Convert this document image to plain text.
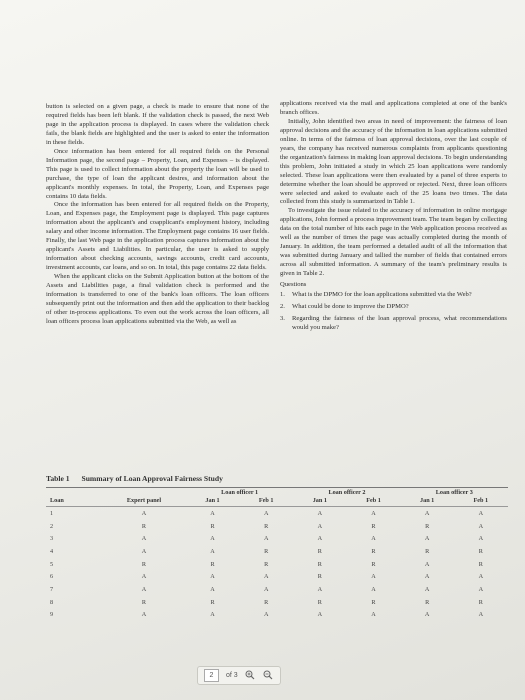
button is selected on a given page, a check is made to ensure that none of the required fields has been left blank. If the validation check is passed, the next Web page in the application process is displayed. In cases where the validation check fails, the blank fields are highlighted and the user is asked to enter the information in these fields.

Once information has been entered for all required fields on the Personal Information page, the second page – Property, Loan, and Expenses – is displayed. This page is used to collect information about the property the loan will be used to purchase, the type of loan the applicant desires, and information about the applicant's monthly expenses. In total, the Property, Loan, and Expenses page contains 10 data fields.

Once the information has been entered for all required fields on the Property, Loan, and Expenses page, the Employment page is displayed. This page captures information about the applicant's and coapplicant's employment history, including salary and other income information. The Employment page contains 16 user fields. Finally, the last Web page in the application process captures information about the applicant's Assets and Liabilities. In particular, the user is asked to supply information about checking accounts, savings accounts, credit card accounts, investment accounts, car loans, and so on. In total, this page contains 22 data fields.

When the applicant clicks on the Submit Application button at the bottom of the Assets and Liabilities page, a final validation check is performed and the information is transferred to one of the bank's loan officers. The loan officers subsequently print out the information and then add the application to their backlog of other in-process applications. To even out the work across the loan officers, all loan officers process loan applications submitted via the Web, as well as

applications received via the mail and applications completed at one of the bank's branch offices.

Initially, John identified two areas in need of improvement: the fairness of loan approval decisions and the accuracy of the information in loan applications submitted online. In terms of the fairness of loan approval decisions, over the last couple of years, the company has received numerous complaints from applicants questioning the organization's fairness in making loan approval decisions. To begin understanding this problem, John initiated a study in which 25 loan applications were randomly selected. These loan applications were then evaluated by a panel of three experts to determine whether the loan should be approved or rejected. Next, three loan officers were selected and asked to evaluate each of the 25 loans two times. The data collected from this study is summarized in Table 1.

To investigate the issue related to the accuracy of information in online mortgage applications, John formed a process improvement team. The team began by collecting data on the total number of hits each page in the Web application process received as well as the number of times the page was actually completed during the month of January. In addition, the team performed a detailed audit of all the information that was submitted during January and tallied the number of fields that contained errors across all submitted information. A summary of the team's preliminary results is given in Table 2.

Questions

1.	What is the DPMO for the loan applications submitted via the Web?

2.	What could be done to improve the DPMO?

3.	Regarding the fairness of the loan approval process, what recommendations would you make?

Table 1 Summary of Loan Approval Fairness Study
		Loan officer 1		Loan officer 2		Loan officer 3	
Loan	Expert panel	Jan 1	Feb 1	Jan 1	Feb 1	Jan 1	Feb 1

1	A	A	A	A	A	A	A
2	R	R	R	A	R	R	A
3	A	A	A	A	A	A	A
4	A	A	R	R	R	R	R
5	R	R	R	R	R	A	R
6	A	A	A	R	A	A	A
7	A	A	A	A	A	A	A
8	R	R	R	R	R	R	R
9	A	A	A	A	A	A	A
2	of 3
